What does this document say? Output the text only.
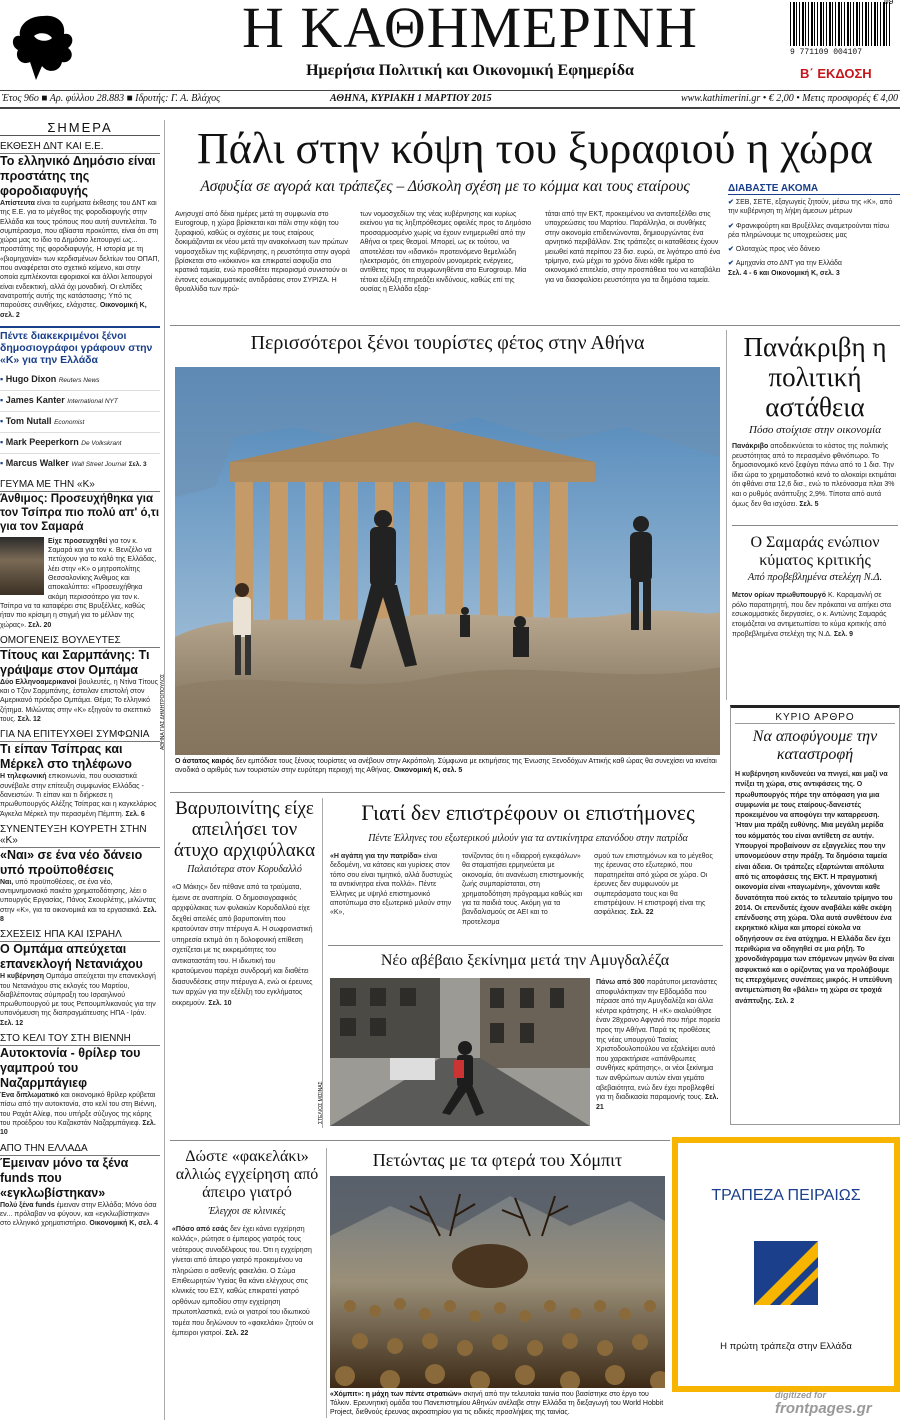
Η ΚΑΘΗΜΕΡΙΝΗ
Ημερήσια Πολιτική και Οικονομική Εφημερίδα
09
9 771109 004107
Β΄ ΕΚΔΟΣΗ
Έτος 96ο ■ Αρ. φύλλου 28.883 ■ Ιδρυτής: Γ. Α. Βλάχος	ΑΘΗΝΑ, ΚΥΡΙΑΚΗ 1 ΜΑΡΤΙΟΥ 2015	www.kathimerini.gr • € 2,00 • Μετις προσφορές € 4,00
ΣΗΜΕΡΑ
ΕΚΘΕΣΗ ΔΝΤ ΚΑΙ Ε.Ε.
Το ελληνικό Δημόσιο είναι προστάτης της φοροδιαφυγής
Απίστευτα είναι τα ευρήματα έκθεσης του ΔΝΤ και της Ε.Ε. για το μέγεθος της φοροδιαφυγής στην Ελλάδα και τους τρόπους που αυτή συντελείται. Το συμπέρασμα, που αβίαστα προκύπτει, είναι ότι στη χώρα μας το ίδιο το Δημόσιο λειτουργεί ως... προστάτης της φοροδιαφυγής. Η ιστορία με τη «βιομηχανία» των κερδισμένων δελτίων του ΟΠΑΠ, που αναφέρεται στο σχετικό κείμενο, και στην οποία εμπλέκονται εφοριακοί και άλλοι λειτουργοί είναι ενδεικτική, αλλά όχι μοναδική. Οι ελπίδες ανατροπής αυτής της κατάστασης; Υπό τις παρούσες συνθήκες, ελάχιστες. Οικονομική Κ, σελ. 2
Πέντε διακεκριμένοι ξένοι δημοσιογράφοι γράφουν στην «Κ» για την Ελλάδα
▪ Hugo Dixon Reuters News
▪ James Kanter International NYT
▪ Tom Nutall Economist
▪ Mark Peeperkorn De Volkskrant
▪ Marcus Walker Wall Street Journal Σελ. 3
ΓΕΥΜΑ ΜΕ ΤΗΝ «Κ»
Άνθιμος: Προσευχήθηκα για τον Τσίπρα πιο πολύ απ' ό,τι για τον Σαμαρά
Είχε προσευχηθεί για τον κ. Σαμαρά και για τον κ. Βενιζέλο να πετύχουν για το καλό της Ελλάδας, λέει στην «Κ» ο μητροπολίτης Θεσσαλονίκης Άνθιμος και αποκαλύπτει: «Προσευχήθηκα ακόμη περισσότερο για τον κ. Τσίπρα να τα καταφέρει στις Βρυξέλλες, καθώς ήταν πιο κρίσιμη η στιγμή για το μέλλον της χώρας». Σελ. 20
ΟΜΟΓΕΝΕΙΣ ΒΟΥΛΕΥΤΕΣ
Τίτους και Σαρμπάνης: Τι γράψαμε στον Ομπάμα
Δύο Ελληνοαμερικανοί βουλευτές, η Ντίνα Τίτους και ο Τζον Σαρμπάνης, έστειλαν επιστολή στον Αμερικανό πρόεδρο Ομπάμα. Θέμα; Το ελληνικό ζήτημα. Μιλώντας στην «Κ» εξηγούν το σκεπτικό τους. Σελ. 12
ΓΙΑ ΝΑ ΕΠΙΤΕΥΧΘΕΙ ΣΥΜΦΩΝΙΑ
Τι είπαν Τσίπρας και Μέρκελ στο τηλέφωνο
Η τηλεφωνική επικοινωνία, που ουσιαστικά συνέβαλε στην επίτευξη συμφωνίας Ελλάδας - δανειστών. Τι είπαν και τι διήρκεσε η πρωθυπουργός Αλέξης Τσίπρας και η καγκελάριος Άγκελα Μέρκελ την περασμένη Πέμπτη. Σελ. 6
ΣΥΝΕΝΤΕΥΞΗ ΚΟΥΡΕΤΗ ΣΤΗΝ «Κ»
«Ναι» σε ένα νέο δάνειο υπό προϋποθέσεις
Ναι, υπό προϋποθέσεις, σε ένα νέο, αντιμνημονιακό πακέτο χρηματοδότησης, λέει ο υπουργός Εργασίας, Πάνος Σκουρλέτης, μιλώντας στην «Κ», για τα οικονομικά και τα εργασιακά. Σελ. 8
ΣΧΕΣΕΙΣ ΗΠΑ ΚΑΙ ΙΣΡΑΗΛ
Ο Ομπάμα απεύχεται επανεκλογή Νετανιάχου
Η κυβέρνηση Ομπάμα απεύχεται την επανεκλογή του Νετανιάχου στις εκλογές του Μαρτίου, διαβλέποντας σύμπραξη του Ισραηλινού πρωθυπουργού με τους Ρεπουμπλικανούς για την υπονόμευση της διαπραγμάτευσης ΗΠΑ - Ιράν. Σελ. 12
ΣΤΟ ΚΕΛΙ ΤΟΥ ΣΤΗ ΒΙΕΝΝΗ
Αυτοκτονία - θρίλερ του γαμπρού του Ναζαρμπάγιεφ
Ένα διπλωματικό και οικονομικό θρίλερ κρύβεται πίσω από την αυτοκτονία, στο κελί του στη Βιέννη, του Ραχάτ Αλίεφ, που υπήρξε σύζυγος της κόρης του προέδρου του Καζακστάν Ναζαρμπάγιεφ. Σελ. 10
ΑΠΟ ΤΗΝ ΕΛΛΑΔΑ
Έμειναν μόνο τα ξένα funds που «εγκλωβίστηκαν»
Πολύ ξένα funds έμειναν στην Ελλάδα; Μόνο όσα εν... πρόλαβαν να φύγουν, και «εγκλωβίστηκαν» στο ελληνικό χρηματιστήριο. Οικονομική Κ, σελ. 4
Πάλι στην κόψη του ξυραφιού η χώρα
Ασφυξία σε αγορά και τράπεζες – Δύσκολη σχέση με το κόμμα και τους εταίρους
Ανησυχεί από δέκα ημέρες μετά τη συμφωνία στο Eurogroup, η χώρα βρίσκεται και πάλι στην κόψη του ξυραφιού, καθώς οι σχέσεις με τους εταίρους δοκιμάζονται εκ νέου μετά την ανακοίνωση των πρώτων νομοσχεδίων της κυβέρνησης, η ρευστότητα στην αγορά βρίσκεται στο «κόκκινο» και επικρατεί ασφυξία στα κρατικά ταμεία, ενώ προσθέτει περιορισμό συνιστούν οι έντονες εσωκομματικές αντιδράσεις στον ΣΥΡΙΖΑ. Η θρυαλλίδα των πρώ-
των νομοσχεδίων της νέας κυβέρνησης και κυρίως εκείνου για τις ληξιπρόθεσμες οφειλές προς το Δημόσιο προσαρμοσμένο χωρίς να έχουν ενημερωθεί από την Αθήνα οι τρεις θεσμοί. Μπορεί, ως εκ τούτου, να αποτελέσει τον «ιδανικό» προτεινόμενο θεμελιώδη ηλεκτρισμός, ότι επιχειρούν μονομερείς ενέργειες, αντίθετες προς τα συμφωνηθέντα στο Eurogroup. Μία τέτοια εξέλιξη επηρεάζει κινδύνους, καθώς επί της ουσίας η Ελλάδα εξαρ-
τάται από την ΕΚΤ, προκειμένου να ανταπεξέλθει στις υποχρεώσεις του Μαρτίου. Παράλληλα, οι συνθήκες στην οικονομία επιδεινώνονται, δημιουργώντας ένα αρνητικό περιβάλλον. Στις τράπεζες οι καταθέσεις έχουν μειωθεί κατά περίπου 23 δισ. ευρώ, σε λιγότερο από ένα τρίμηνο, ενώ μέχρι το χρόνο δίνει κάθε ημέρα το οικονομικό επιτελείο, στην προσπάθεια του να καταβάλει για να διασφαλίσει ρευστότητα για τα δημόσια ταμεία.
ΔΙΑΒΑΣΤΕ ΑΚΟΜΑ
✔ ΣΕΒ, ΣΕΤΕ, εξαγωγείς ζητούν, μέσω της «Κ», από την κυβέρνηση τη λήψη άμεσων μέτρων
✔ Φρανκφούρτη και Βρυξέλλες αναμετρούνται πίσω ρέα πληρώνουμε τις υποχρεώσεις μας
✔ Ολοταχώς προς νέο δάνειο
✔ Αμηχανία στο ΔΝΤ για την Ελλάδα
Σελ. 4 - 6 και Οικονομική Κ, σελ. 3
Περισσότεροι ξένοι τουρίστες φέτος στην Αθήνα
ΑΘΗΝΑ ΓΙΑΣ ΔΗΜΗΤΡΟΠΟΥΛΟΣ
Ο άστατος καιρός δεν εμπόδισε τους ξένους τουρίστες να ανέβουν στην Ακρόπολη. Σύμφωνα με εκτιμήσεις της Ένωσης Ξενοδόχων Αττικής καθ ώρας θα συνεχίσει να κινείται ανοδικά ο αριθμός των τουριστών στην ευρύτερη περιοχή της Αθήνας. Οικονομική Κ, σελ. 5
Πανάκριβη η πολιτική αστάθεια
Πόσο στοίχισε στην οικονομία
Πανάκριβο αποδεικνύεται το κόστος της πολιτικής ρευστότητας από το περασμένο φθινόπωρο. Το δημοσιονομικό κενό ξεφύγει πάνω από το 1 δισ. Την ίδια ώρα το χρηματοδοτικό κενό το αλοκαίρι εκτιμάται ότι φθάνει στα 12,6 δισ., ενώ το πλεόνασμα πλαι 3% και ο ρυθμός ανάπτυξης 2,9%. Τίποτα από αυτά όμως δεν θα ισχύσει. Σελ. 5
Ο Σαμαράς ενώπιον κύματος κριτικής
Από προβεβλημένα στελέχη Ν.Δ.
Μετον ορίων πρωθυπουργό Κ. Καραμανλή σε ρόλο παρατηρητή, που δεν πρόκαται να αιτήκει στα εσωκομματικές διεργασίες, ο κ. Αντώνης Σαμαράς ετοιμάζεται να αντιμετωπίσει το κύμα κριτικής από προβεβλημένα στελέχη της Ν.Δ. Σελ. 9
ΚΥΡΙΟ ΑΡΘΡΟ
Να αποφύγουμε την καταστροφή
Η κυβέρνηση κινδυνεύει να πνιγεί, και μαζί να πνίξει τη χώρα, στις αντιφάσεις της. Ο πρωθυπουργός πήρε την απόφαση για μια συμφωνία με τους εταίρους-δανειστές προκειμένου να αποφύγει την καταρρευση. Ήταν μια πράξη ευθύνης. Μια μεγάλη μερίδα του κόμματός του είναι αντίθετη σε αυτήν. Υπουργοί προβαίνουν σε εξαγγελίες που την υπονομεύουν στην πράξη. Τα δημόσια ταμεία είναι άδεια. Οι τράπεζες εξαρτώνται απόλυτα από τις αποφάσεις της ΕΚΤ. Η πραγματική οικονομία είναι «παγωμένη», χάνονται καθε δυνατότητα πού εκτός το τελευταίο τρίμηνο του 2014. Οι επενδυτές έχουν αναβάλει κάθε σκέψη επένδυσης στη χώρα. Όλα αυτά συνθέτουν ένα εκρηκτικό κλίμα και μπορεί εύκολα να οδηγήσουν σε ένα ατύχημα. Η Ελλάδα δεν έχει περιθώρια να οδηγηθεί σε μια ρήξη. Το χρονοδιάγραμμα των επόμενων μηνών θα είναι ασφυκτικό και ο ορίζοντας για να προλάβουμε τις επερχόμενες συνέπειες μικρός. Η υπεύθυνη αντιμετώπιση θα «βάλει» τη χώρα σε τροχιά ανάπτυξης. Σελ. 2
Βαρυποινίτης είχε απειλήσει τον άτυχο αρχιφύλακα
Παλαιότερα στον Κορυδαλλό
«Ο Μάκης» δεν πέθανε από τα τραύματα, έμεινε σε αναπηρία. Ο δημοσιογραφικός αρχιφύλακας των φυλακών Κορυδαλλού είχε δεχθεί απειλές από βαρυποινίτη που κρατούνταν στην πτέρυγα Α. Η σωφρονιστική υπηρεσία εκτιμά ότι η δολοφονική επίθεση σχετίζεται με τις εκκρεμότητες του αντικαταστάτη του. Η ιδιωτική του κρατούμενου παρέχει συνδρομή και διαθέτει διασυνδέσεις στην πτέρυγα Α, ενώ οι έρευνες των αρχών για την εξέλιξη του εγκλήματος εκκρεμούν. Σελ. 10
Γιατί δεν επιστρέφουν οι επιστήμονες
Πέντε Έλληνες του εξωτερικού μιλούν για τα αντικίνητρα επανόδου στην πατρίδα
«Η αγάπη για την πατρίδα» είναι δεδομένη, να κάτσεις και γυρίσεις στον τόπο σου είναι τιμητικό, αλλά δυστυχώς τα αντικίνητρα είναι πολλά». Πέντε Έλληνες με υψηλό επιστημονικό αποτύπωμα στο εξωτερικό μιλούν στην «Κ»,
τονίζοντας ότι η «διαρροή εγκεφάλων» θα σταματήσει ερμηνεύεται με οικονομία, ότι ανανέωση επιστημονικής ζωής συμπαρίσταται, στη χρηματοδότηση πρόγραμμα καθώς και για τα παιδιά τους. Ακόμη για τα βανδαλισμούς σε ΑΕΙ και το προτελεσμα
σμού των επιστημόνων και το μέγεθος της έρευνας στο εξωτερικό, που παρατηρείται από χώρα σε χώρα. Οι έρευνες δεν συμφωνούν με συμπεράσματα τους και θα επιστρέψουν. Η επιστροφή είναι της ασφάλειας. Σελ. 22
Νέο αβέβαιο ξεκίνημα μετά την Αμυγδαλέζα
ΣΤΕΛΙΟΣ ΜΙΣΙΝΑΣ
Πάνω από 300 παράτυποι μετανάστες αποφυλάκτηκαν την Εβδομάδα που πέρασε από την Αμυγδαλέζα και άλλα κέντρα κράτησης. Η «Κ» ακολούθησε έναν 28χρονο Αφγανό που πήρε πορεία προς την Αθήνα. Παρά τις προθέσεις της νέας υπουργού Τασίας Χριστοδουλοπούλου να εξαλείψει αυτό που χαρακτήρισε «απάνθρωπες συνθήκες κράτησης», οι νέοι ξεκίνημα των ανθρώπων αυτών είναι γεμάτο αβεβαιότητα, ενώ δεν έχει προβλεφθεί για τη διαδικασία παραμονής τους. Σελ. 21
Δώστε «φακελάκι» αλλιώς εγχείρηση από άπειρο γιατρό
Έλεγχοι σε κλινικές
«Πόσο από εσάς δεν έχει κάνει εγχείρηση κολλάς», ρώτησε ο έμπειρος γιατρός τους νεότερους συναδέλφους του. Ότι η εγχείρηση γίνεται από άπειρο γιατρό προκειμένου να πληρώσει ο ασθενής φακελάκι. Ο Σώμα Επιθεωρητών Υγείας θα κάνει ελέγχους στις κλινικές του ΕΣΥ, καθώς επικρατεί γιατρό ορθόνων εμποδίου στην εγχείρηση πρωτοπλαστικά, ενώ οι γιατροί του ιδιωτικού τομέα που δηλώνουν το «φακελάκι» ζητούν οι έμπειροι γιατροί. Σελ. 22
Πετώντας με τα φτερά του Χόμπιτ
«Χόμπιτ»: η μάχη των πέντε στρατιών» σκηνή από την τελευταία ταινία που βασίστηκε στο έργο του Τόλκιν. Ερευνητική ομάδα του Πανεπιστημίου Αθηνών ανέλαβε στην Ελλάδα τη διεξαγωγή του World Hobbit Project, διεθνούς έρευνας ακροατηρίου για τις ειδικές προσλήψεις της ταινίας.
ΤΡΑΠΕΖΑ ΠΕΙΡΑΙΩΣ
Η πρώτη τράπεζα στην Ελλάδα
digitized for
frontpages.gr
